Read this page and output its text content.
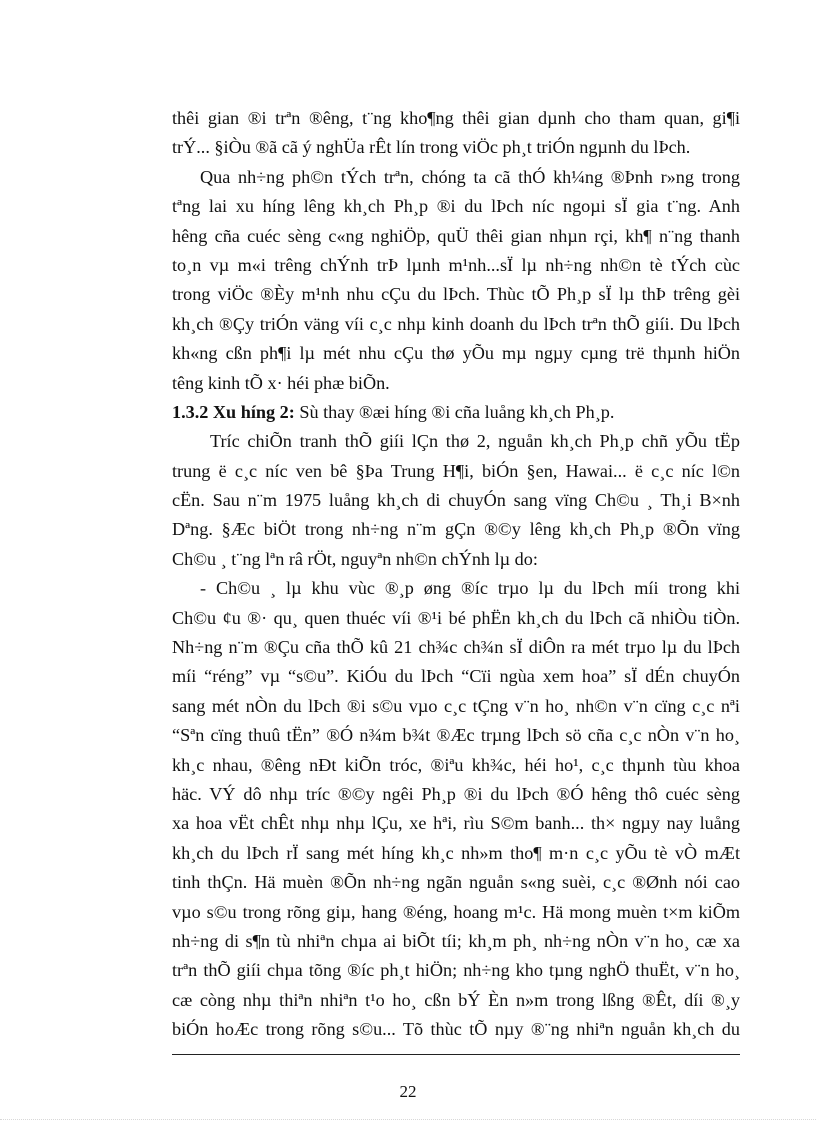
thêi gian ®i trªn ®êng, t¨ng kho¶ng thêi gian dµnh cho tham quan, gi¶i
trÝ... §iÒu ®ã cã ý nghÜa rÊt lín trong viÖc ph¸t triÓn ngµnh du lÞch.
Qua nh÷ng ph©n tÝch trªn, chóng ta cã thÓ kh¼ng ®Þnh r»ng trong
tªng lai xu híng lêng kh¸ch Ph¸p ®i du lÞch níc ngoµi sÏ gia t¨ng. Anh
hêng cña cuéc sèng c«ng nghiÖp, quÜ thêi gian nhµn rçi, kh¶ n¨ng thanh
to¸n vµ m«i trêng chÝnh trÞ lµnh m¹nh...sÏ lµ nh÷ng nh©n tè tÝch cùc
trong viÖc ®Èy m¹nh nhu cÇu du lÞch. Thùc tÕ Ph¸p sÏ lµ thÞ trêng gèi
kh¸ch ®Çy triÓn väng víi c¸c nhµ kinh doanh du lÞch trªn thÕ giíi. Du lÞch
kh«ng cßn ph¶i lµ mét nhu cÇu thø yÕu mµ ngµy cµng trë thµnh hiÖn
têng kinh tÕ x· héi phæ biÕn.
1.3.2 Xu híng 2: Sù thay ®æi híng ®i cña luång kh¸ch Ph¸p.
Tríc chiÕn tranh thÕ giíi lÇn thø 2, nguån kh¸ch Ph¸p chñ yÕu tËp
trung ë c¸c níc ven bê §Þa Trung H¶i, biÓn §en, Hawai... ë c¸c níc l©n
cËn. Sau n¨m 1975 luång kh¸ch di chuyÓn sang vïng Ch©u ¸ Th¸i B×nh
Dªng. §Æc biÖt trong nh÷ng n¨m gÇn ®©y lêng kh¸ch Ph¸p ®Õn vïng
Ch©u ¸ t¨ng lªn râ rÖt, nguyªn nh©n chÝnh lµ do:
- Ch©u ¸ lµ khu vùc ®¸p øng ®íc trµo lµ du lÞch míi trong khi
Ch©u ¢u ®· qu¸ quen thuéc víi ®¹i bé phËn kh¸ch du lÞch cã nhiÒu tiÒn.
Nh÷ng n¨m ®Çu cña thÕ kû 21 ch¾c ch¾n sÏ diÔn ra mét trµo lµ du lÞch
míi “réng” vµ “s©u”. KiÓu du lÞch “Cïi ngùa xem hoa” sÏ dÉn chuyÓn
sang mét nÒn du lÞch ®i s©u vµo c¸c tÇng v¨n ho¸ nh©n v¨n cïng c¸c nªi
“Sªn cïng thuû tËn” ®Ó n¾m b¾t ®Æc trµng lÞch sö cña c¸c nÒn v¨n ho¸
kh¸c nhau, ®êng nÐt kiÕn tróc, ®iªu kh¾c, héi ho¹, c¸c thµnh tùu khoa
häc. VÝ dô nhµ tríc ®©y ngêi Ph¸p ®i du lÞch ®Ó hêng thô cuéc sèng
xa hoa vËt chÊt nhµ nhµ lÇu, xe hªi, rìu S©m banh... th× ngµy nay luång
kh¸ch du lÞch rÏ sang mét híng kh¸c nh»m tho¶ m·n c¸c yÕu tè vÒ mÆt
tinh thÇn. Hä muèn ®Õn nh÷ng ngãn nguån s«ng suèi, c¸c ®Ønh nói cao
vµo s©u trong rõng giµ, hang ®éng, hoang m¹c. Hä mong muèn t×m kiÕm
nh÷ng di s¶n tù nhiªn chµa ai biÕt tíi; kh¸m ph¸ nh÷ng nÒn v¨n ho¸ cæ xa
trªn thÕ giíi chµa tõng ®íc ph¸t hiÖn; nh÷ng kho tµng nghÖ thuËt, v¨n ho¸
cæ còng nhµ thiªn nhiªn t¹o ho¸ cßn bÝ Èn n»m trong lßng ®Êt, díi ®¸y
biÓn hoÆc trong rõng s©u... Tõ thùc tÕ nµy ®¨ng nhiªn nguån kh¸ch du
22
